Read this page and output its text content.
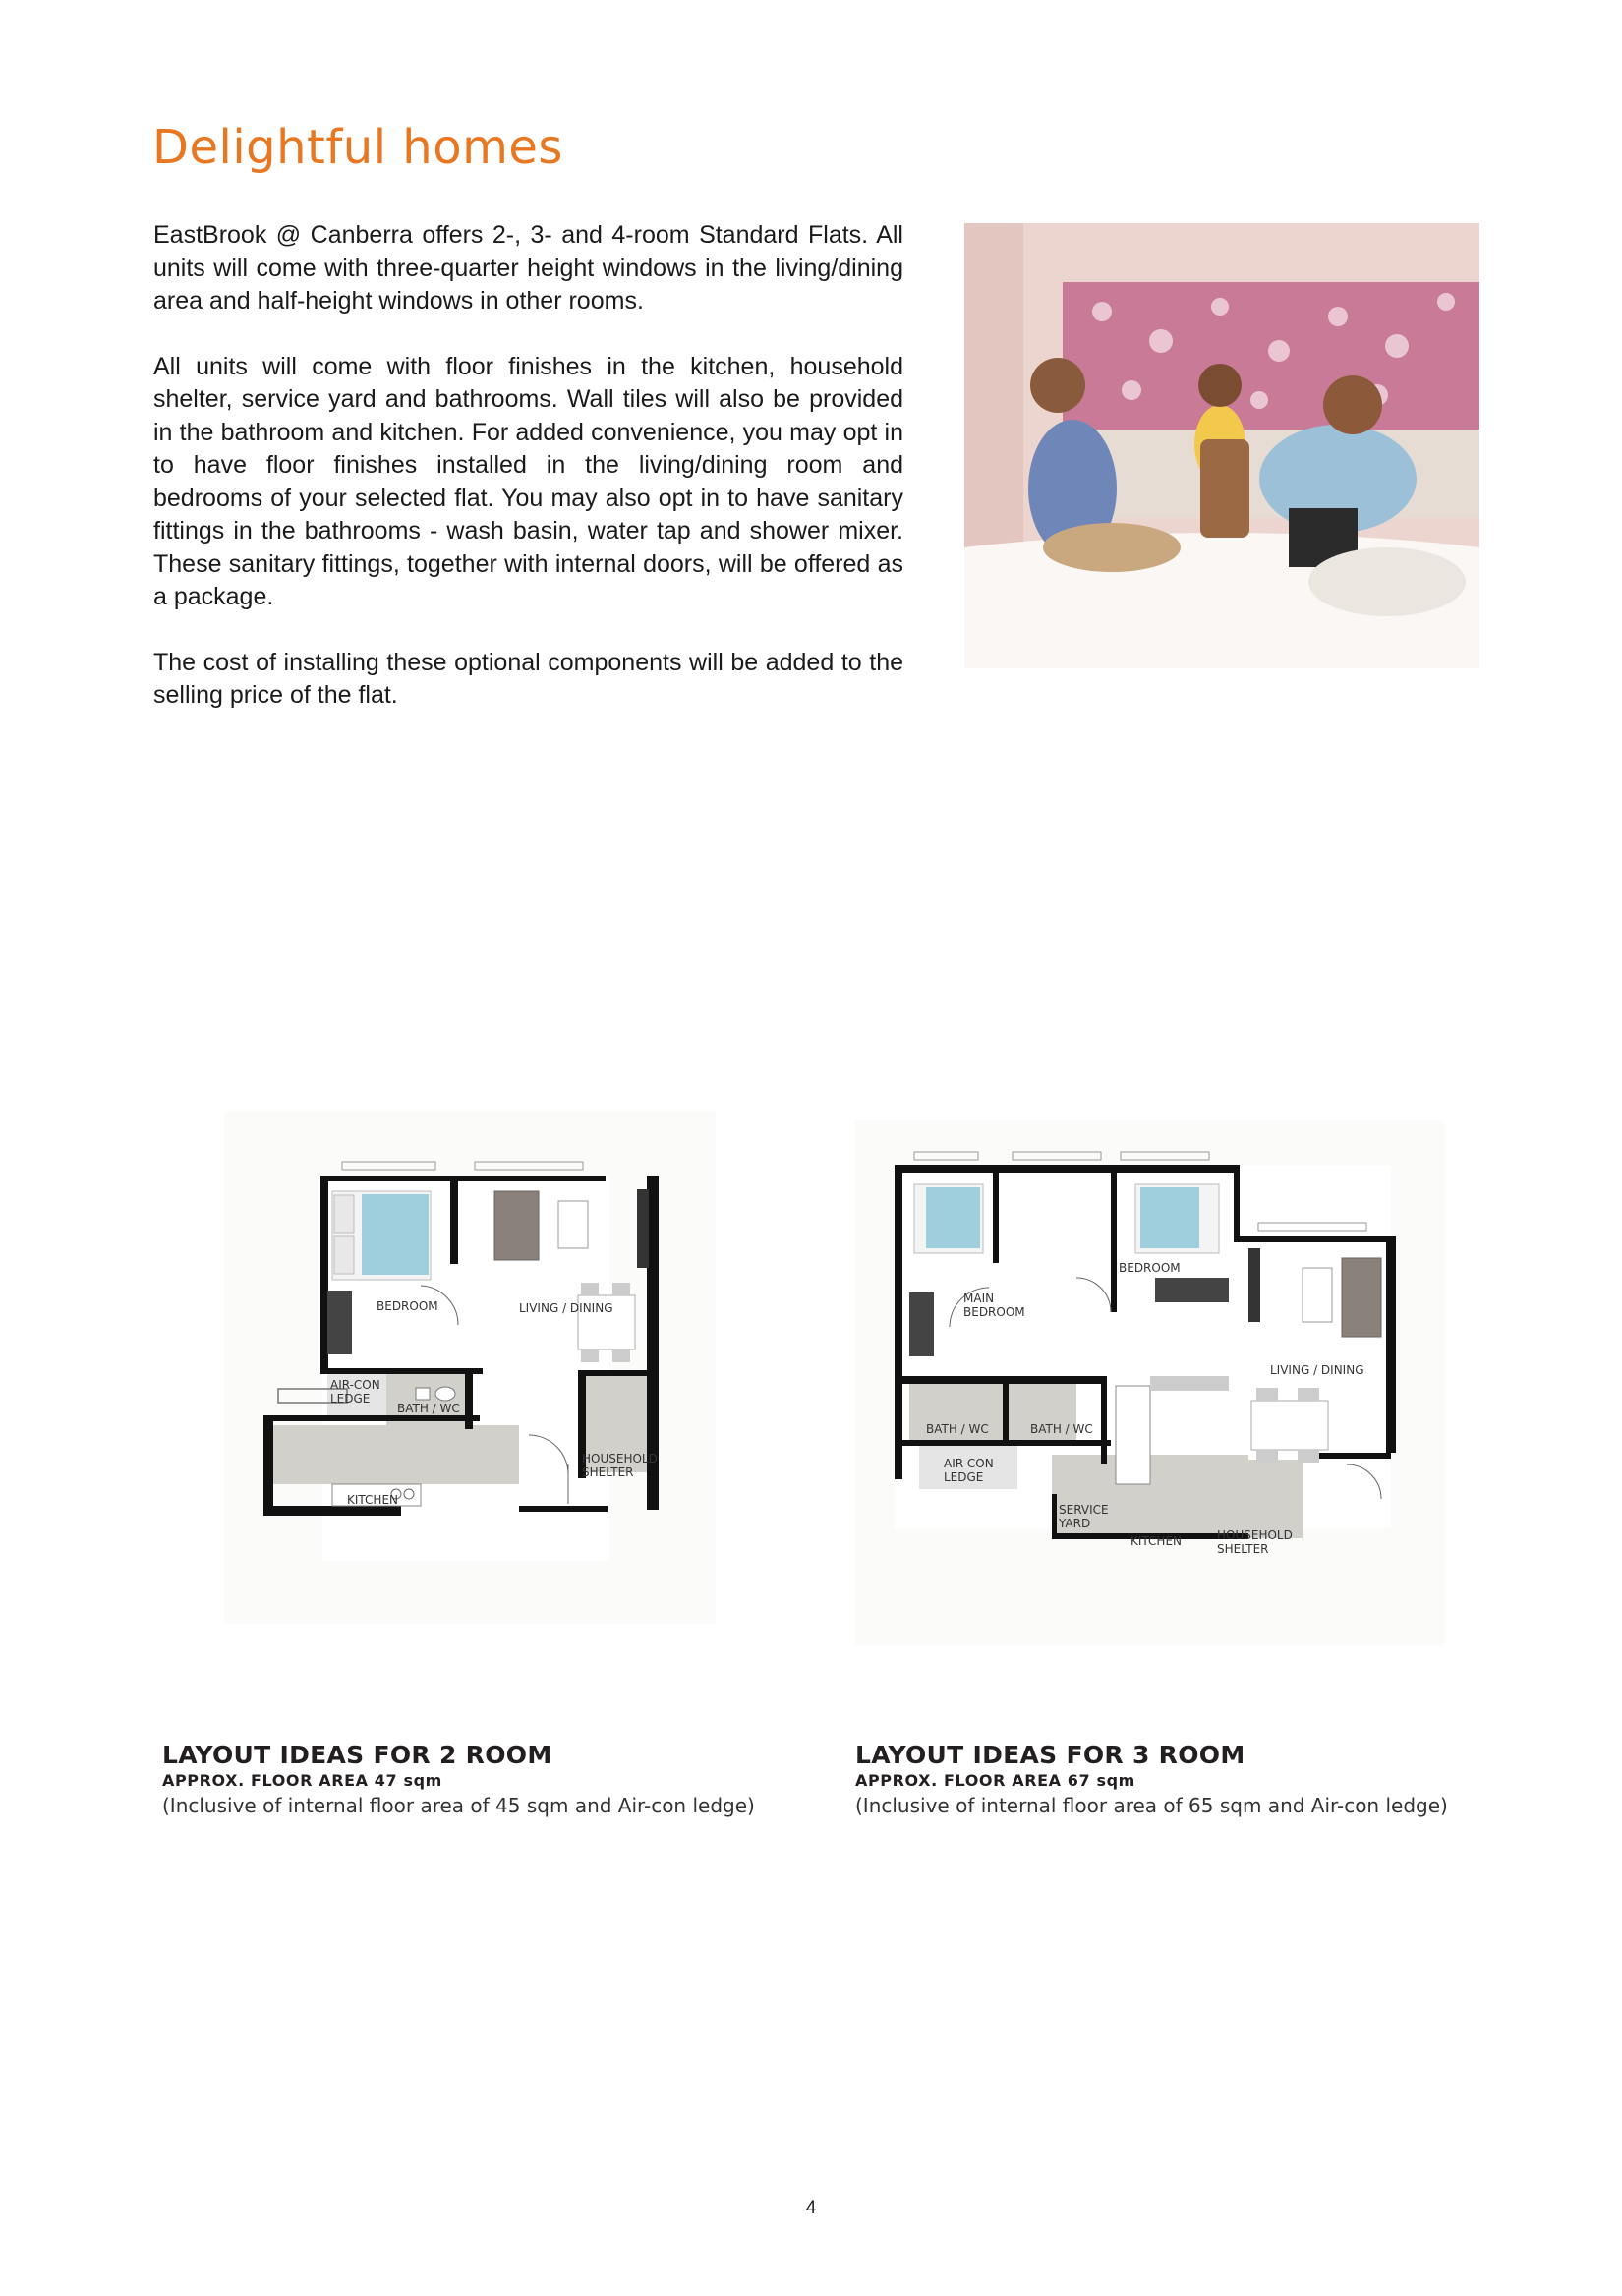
Delightful homes

EastBrook @ Canberra offers 2-, 3- and 4-room Standard Flats. All units will come with three-quarter height windows in the living/dining area and half-height windows in other rooms.

All units will come with floor finishes in the kitchen, household shelter, service yard and bathrooms. Wall tiles will also be provided in the bathroom and kitchen. For added convenience, you may opt in to have floor finishes installed in the living/dining room and bedrooms of your selected flat. You may also opt in to have sanitary fittings in the bathrooms - wash basin, water tap and shower mixer. These sanitary fittings, together with internal doors, will be offered as a package.

The cost of installing these optional components will be added to the selling price of the flat.

BEDROOM	LIVING / DINING
AIR-CON
LEDGE
BATH / WC
HOUSEHOLD
SHELTER
KITCHEN
MAIN
BEDROOM
BEDROOM
LIVING / DINING
BATH / WC	BATH / WC
AIR-CON
LEDGE
SERVICE
YARD
KITCHEN	HOUSEHOLD
SHELTER
LAYOUT IDEAS FOR 2 ROOM
APPROX. FLOOR AREA 47 sqm
(Inclusive of internal floor area of 45 sqm and Air-con ledge)
LAYOUT IDEAS FOR 3 ROOM
APPROX. FLOOR AREA 67 sqm
(Inclusive of internal floor area of 65 sqm and Air-con ledge)
4
